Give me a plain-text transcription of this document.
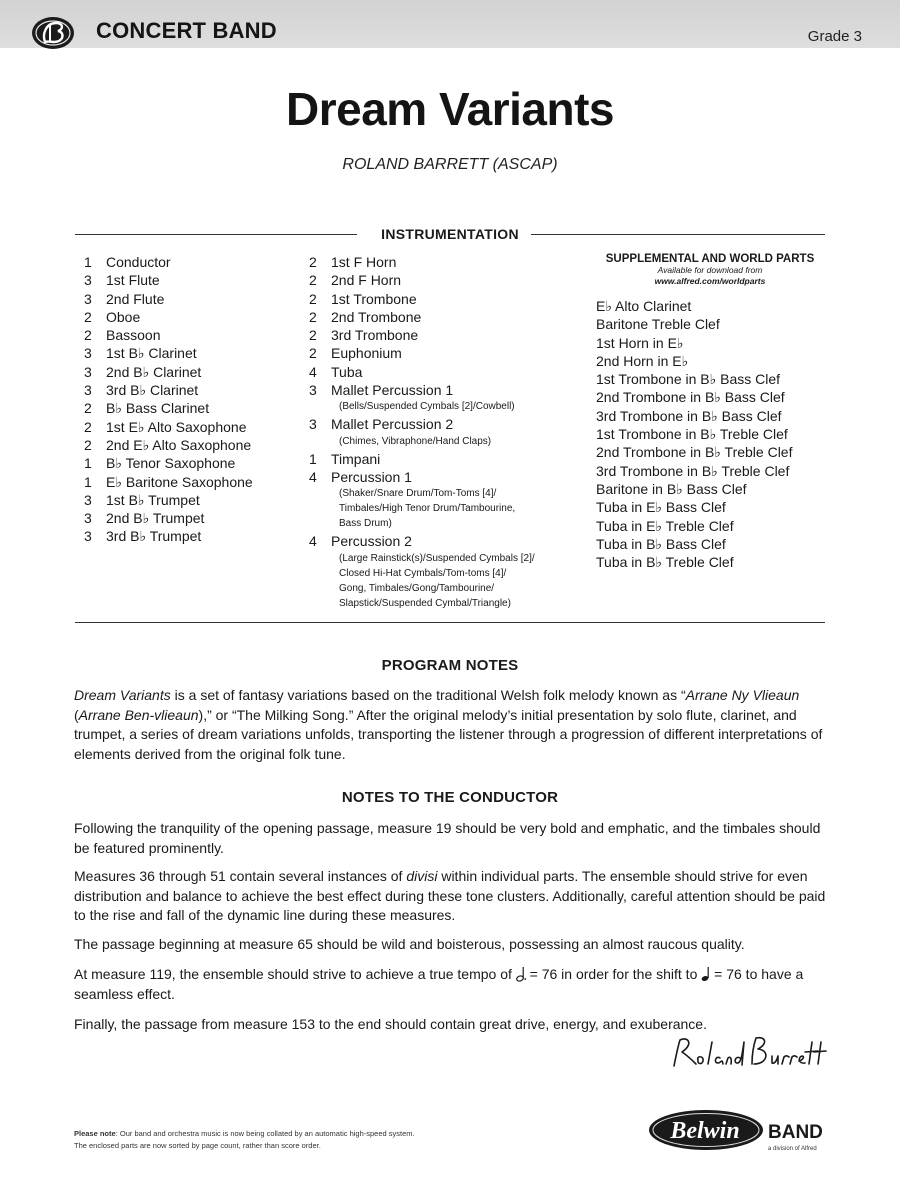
CONCERT BAND	Grade 3
Dream Variants
ROLAND BARRETT (ASCAP)
INSTRUMENTATION
1	Conductor
3	1st Flute
3	2nd Flute
2	Oboe
2	Bassoon
3	1st B♭ Clarinet
3	2nd B♭ Clarinet
3	3rd B♭ Clarinet
2	B♭ Bass Clarinet
2	1st E♭ Alto Saxophone
2	2nd E♭ Alto Saxophone
1	B♭ Tenor Saxophone
1	E♭ Baritone Saxophone
3	1st B♭ Trumpet
3	2nd B♭ Trumpet
3	3rd B♭ Trumpet
2	1st F Horn
2	2nd F Horn
2	1st Trombone
2	2nd Trombone
2	3rd Trombone
2	Euphonium
4	Tuba
3	Mallet Percussion 1
(Bells/Suspended Cymbals [2]/Cowbell)
3	Mallet Percussion 2
(Chimes, Vibraphone/Hand Claps)
1	Timpani
4	Percussion 1
(Shaker/Snare Drum/Tom-Toms [4]/
Timbales/High Tenor Drum/Tambourine,
Bass Drum)
4	Percussion 2
(Large Rainstick(s)/Suspended Cymbals [2]/
Closed Hi-Hat Cymbals/Tom-toms [4]/
Gong, Timbales/Gong/Tambourine/
Slapstick/Suspended Cymbal/Triangle)
SUPPLEMENTAL AND WORLD PARTS
Available for download from
www.alfred.com/worldparts
E♭ Alto Clarinet
Baritone Treble Clef
1st Horn in E♭
2nd Horn in E♭
1st Trombone in B♭ Bass Clef
2nd Trombone in B♭ Bass Clef
3rd Trombone in B♭ Bass Clef
1st Trombone in B♭ Treble Clef
2nd Trombone in B♭ Treble Clef
3rd Trombone in B♭ Treble Clef
Baritone in B♭ Bass Clef
Tuba in E♭ Bass Clef
Tuba in E♭ Treble Clef
Tuba in B♭ Bass Clef
Tuba in B♭ Treble Clef
PROGRAM NOTES
Dream Variants is a set of fantasy variations based on the traditional Welsh folk melody known as “Arrane Ny Vlieaun
(Arrane Ben-vlieaun),” or “The Milking Song.” After the original melody’s initial presentation by solo flute, clarinet, and trumpet, a series of dream variations unfolds, transporting the listener through a progression of different interpretations of elements derived from the original folk tune.
NOTES TO THE CONDUCTOR
Following the tranquility of the opening passage, measure 19 should be very bold and emphatic, and the timbales should be featured prominently.
Measures 36 through 51 contain several instances of divisi within individual parts. The ensemble should strive for even distribution and balance to achieve the best effect during these tone clusters. Additionally, careful attention should be paid to the rise and fall of the dynamic line during these measures.
The passage beginning at measure 65 should be wild and boisterous, possessing an almost raucous quality.
At measure 119, the ensemble should strive to achieve a true tempo of  = 76 in order for the shift to  = 76 to have a seamless effect.
Finally, the passage from measure 153 to the end should contain great drive, energy, and exuberance.
Please note: Our band and orchestra music is now being collated by an automatic high-speed system.
The enclosed parts are now sorted by page count, rather than score order.
Belwin BAND
a division of Alfred
